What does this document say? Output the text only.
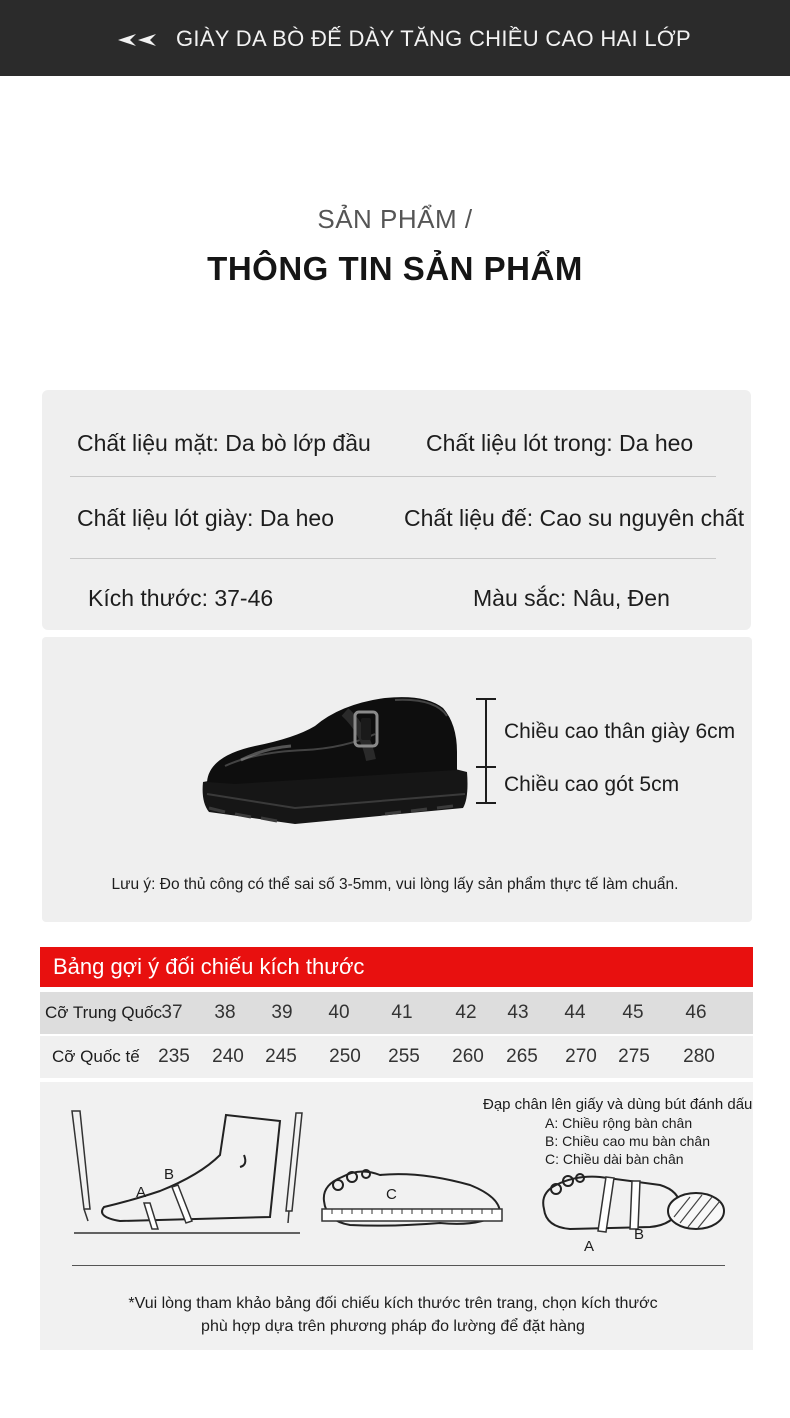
GIÀY DA BÒ ĐẾ DÀY TĂNG CHIỀU CAO HAI LỚP
SẢN PHẨM /
THÔNG TIN SẢN PHẨM
Chất liệu mặt: Da bò lớp đầu Chất liệu lót trong: Da heo
Chất liệu lót giày: Da heo	Chất liệu đế: Cao su nguyên chất
Kích thước: 37-46	Màu sắc: Nâu, Đen
Chiều cao thân giày 6cm
Chiều cao gót 5cm
Lưu ý: Đo thủ công có thể sai số 3-5mm, vui lòng lấy sản phẩm thực tế làm chuẩn.
Bảng gợi ý đối chiếu kích thước
Cỡ Trung Quốc 37	38	39	40	41	42	43	44	45	46
Cỡ Quốc tế 235	240	245	250	255	260	265	270	275	280
Đạp chân lên giấy và dùng bút đánh dấu
A: Chiều rộng bàn chân
B: Chiều cao mu bàn chân
C: Chiều dài bàn chân
A
B
C
A
B
*Vui lòng tham khảo bảng đối chiếu kích thước trên trang, chọn kích thước
phù hợp dựa trên phương pháp đo lường để đặt hàng
